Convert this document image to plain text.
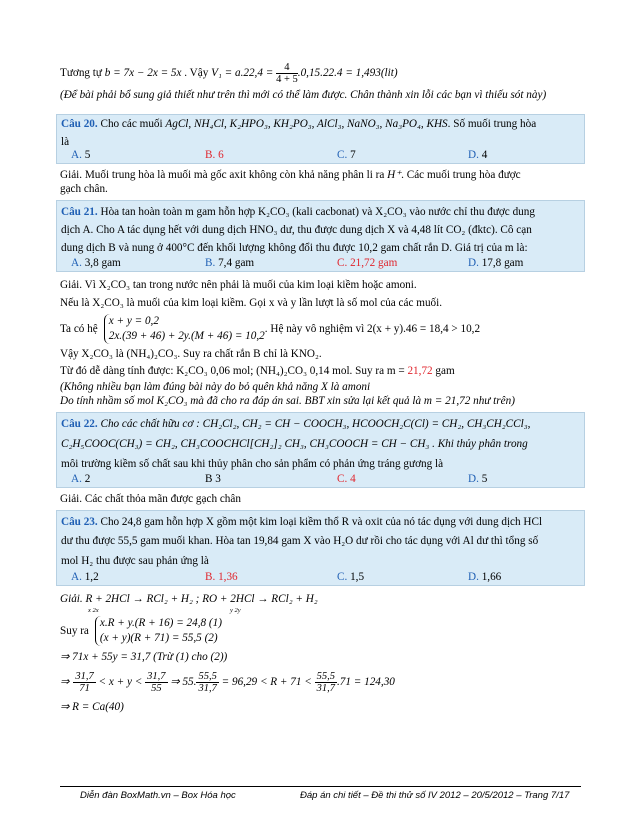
Tương tự b = 7x − 2x = 5x . Vậy $V_1 = a.22,4 = \frac{4}{4 + 5} .0,15.22.4 = 1,493(lit)$
(Để bài phải bổ sung giả thiết như trên thì mới có thể làm được. Chân thành xin lỗi các bạn vì thiếu sót này)
Câu 20. Cho các muối AgCl, NH₄Cl, K₂HPO₃, KH₂PO₃, AlCl₃, NaNO₃, Na₃PO₄, KHS. Số muối trung hòa
là
A. 5	B. 6	C. 7	D. 4
Giải. Muối trung hòa là muối mà gốc axit không còn khả năng phân li ra H⁺. Các muối trung hòa được
gạch chân.
Câu 21. Hòa tan hoàn toàn m gam hỗn hợp K₂CO₃ (kali cacbonat) và X₂CO₃ vào nước chỉ thu được dung
dịch A. Cho A tác dụng hết với dung dịch HNO₃ dư, thu được dung dịch X và 4,48 lít CO₂ (đktc). Cô cạn
dung dịch B và nung ở 400°C đến khối lượng không đổi thu được 10,2 gam chất rắn D. Giá trị của m là:
A. 3,8 gam	B. 7,4 gam	C. 21,72 gam	D. 17,8 gam
Giải. Vì X₂CO₃ tan trong nước nên phải là muối của kim loại kiềm hoặc amoni.
Nếu là X₂CO₃ là muối của kim loại kiềm. Gọi x và y lần lượt là số mol của các muối.
Ta có hệ
x + y = 0,2
2x.(39 + 46) + 2y.(M + 46) = 10,2
. Hệ này vô nghiệm vì 2(x + y).46 = 18,4 > 10,2
Vậy X₂CO₃ là (NH₄)₂CO₃. Suy ra chất rắn B chỉ là KNO₂.
Từ đó dễ dàng tính được: K₂CO₃ 0,06 mol; (NH₄)₂CO₃ 0,14 mol. Suy ra m = 21,72 gam
(Không nhiều bạn làm đúng bài này do bỏ quên khả năng X là amoni
Do tính nhầm số mol K₂CO₃ mà đã cho ra đáp án sai. BBT xin sửa lại kết quả là m = 21,72 như trên)
Câu 22. Cho các chất hữu cơ : CH₂Cl₂, CH₂ = CH − COOCH₃, HCOOCH₂C(Cl) = CH₂, CH₃CH₂CCl₃,
C₂H₅COOC(CH₃) = CH₂, CH₃COOCHCl[CH₂]₂ CH₃, CH₃COOCH = CH − CH₃ . Khi thủy phân trong
môi trường kiềm số chất sau khi thủy phân cho sản phẩm có phản ứng tráng gương là
A. 2	B 3	C. 4	D. 5
Giải. Các chất thỏa mãn được gạch chân
Câu 23. Cho 24,8 gam hỗn hợp X gồm một kim loại kiềm thổ R và oxit của nó tác dụng với dung dịch HCl
dư thu được 55,5 gam muối khan. Hòa tan 19,84 gam X vào H₂O dư rồi cho tác dụng với Al dư thì tổng số
mol H₂ thu được sau phản ứng là
A. 1,2	B. 1,36	C. 1,5	D. 1,66
Giải. R + 2HCl → RCl₂ + H₂ ; RO + 2HCl → RCl₂ + H₂
x 2x	y 2y
Suy ra
x.R + y.(R + 16) = 24,8 (1)
(x + y)(R + 71) = 55,5 (2)
⇒ 71x + 55y = 31,7 (Trừ (1) cho (2))
⇒ $\frac{31,7}{71} < x + y < \frac{31,7}{55}$ ⇒ 55. $\frac{55,5}{31,7} = 96,29 < R + 71 < \frac{55,5}{31,7} .71 = 124,30$
⇒ R = Ca(40)
Diễn đàn BoxMath.vn – Box Hóa học	Đáp án chi tiết – Đề thi thử số IV 2012 – 20/5/2012 – Trang 7/17
